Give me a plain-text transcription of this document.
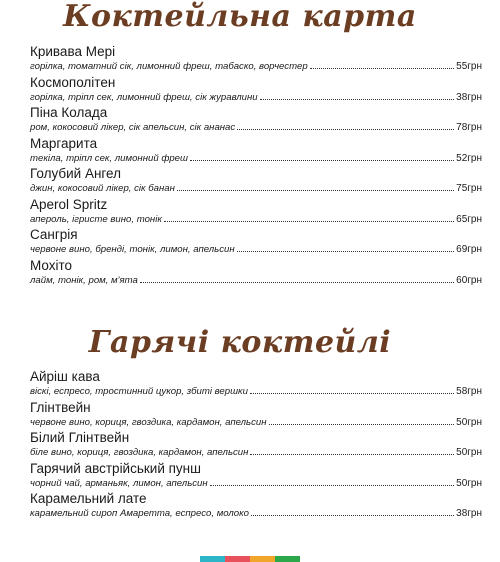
Коктейльна карта
Кривава Мері
горілка, томатний сік, лимонний фреш, табаско, ворчестер	55грн
Космополітен
горілка, тріпл сек, лимонний фреш, сік журавлини	38грн
Піна Колада
ром, кокосовий лікер, сік апельсин, сік ананас	78грн
Маргарита
текіла, тріпл сек, лимонний фреш	52грн
Голубий Ангел
джин, кокосовий лікер, сік банан	75грн
Aperol Spritz
апероль, ігристе вино, тонік	65грн
Сангрія
червоне вино, бренді, тонік, лимон, апельсин	69грн
Мохіто
лайм, тонік, ром, м'ята	60грн
Гарячі коктейлі
Айріш кава
віскі, еспресо, тростинний цукор, збиті вершки	58грн
Глінтвейн
червоне вино, кориця, гвоздика, кардамон, апельсин	50грн
Білий Глінтвейн
біле вино, кориця, гвоздика, кардамон, апельсин	50грн
Гарячий австрійський пунш
чорний чай, арманьяк, лимон, апельсин	50грн
Карамельний лате
карамельний сироп Амаретта, еспресо, молоко	38грн
